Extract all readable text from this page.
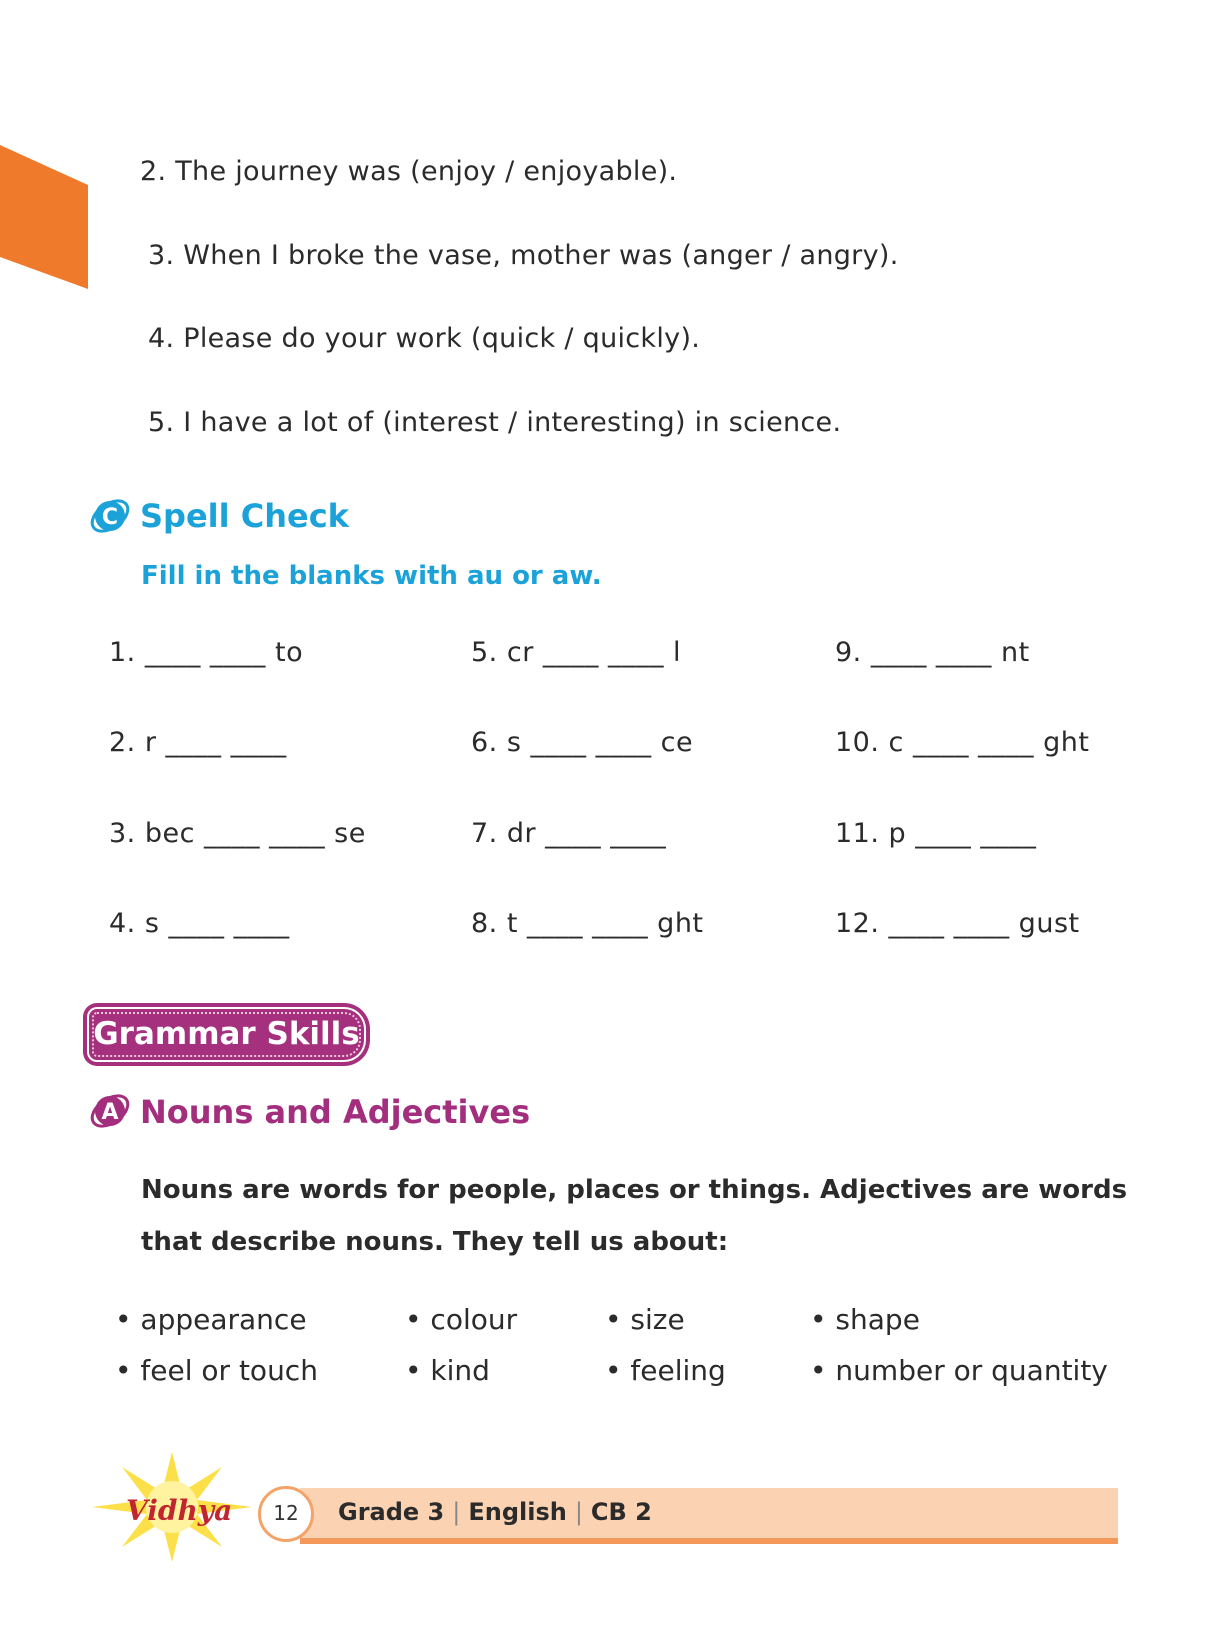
2. The journey was (enjoy / enjoyable).
3. When I broke the vase, mother was (anger / angry).
4. Please do your work (quick / quickly).
5. I have a lot of (interest / interesting) in science.
C Spell Check
Fill in the blanks with au or aw.
1. ____ ____ to
2. r ____ ____
3. bec ____ ____ se
4. s ____ ____
5. cr ____ ____ l
6. s ____ ____ ce
7. dr ____ ____
8. t ____ ____ ght
9. ____ ____ nt
10. c ____ ____ ght
11. p ____ ____
12. ____ ____ gust
Grammar Skills
A Nouns and Adjectives
Nouns are words for people, places or things. Adjectives are words
that describe nouns. They tell us about:
• appearance	• colour	• size	• shape
• feel or touch	• kind	• feeling	• number or quantity
Vidhya	12	Grade 3 | English | CB 2
